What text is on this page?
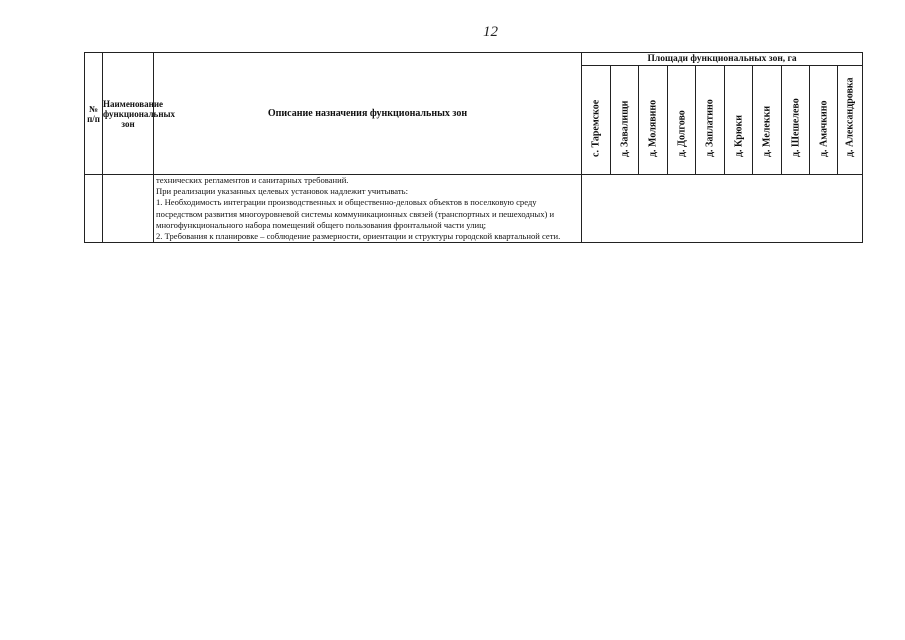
12
№ п/п	Наименование функциональных зон	Описание назначения функциональных зон	Площади функциональных зон, га									

			с. Таремское	д. Завалищи	д. Молявино	д. Долгово	д. Заплатино	д. Крюки	д. Мелекки	д. Шешелево	д. Амачкино	д. Александровка

		технических регламентов и санитарных требований.

При реализации указанных целевых установок надлежит учитывать:

1. Необходимость интеграции производственных и общественно-деловых объектов в поселковую среду посредством развития многоуровневой системы коммуникационных связей (транспортных и пешеходных) и многофункционального набора помещений общего пользования фронтальной части улиц;

2. Требования к планировке – соблюдение размерности, ориентации и структуры городской квартальной сети.										
